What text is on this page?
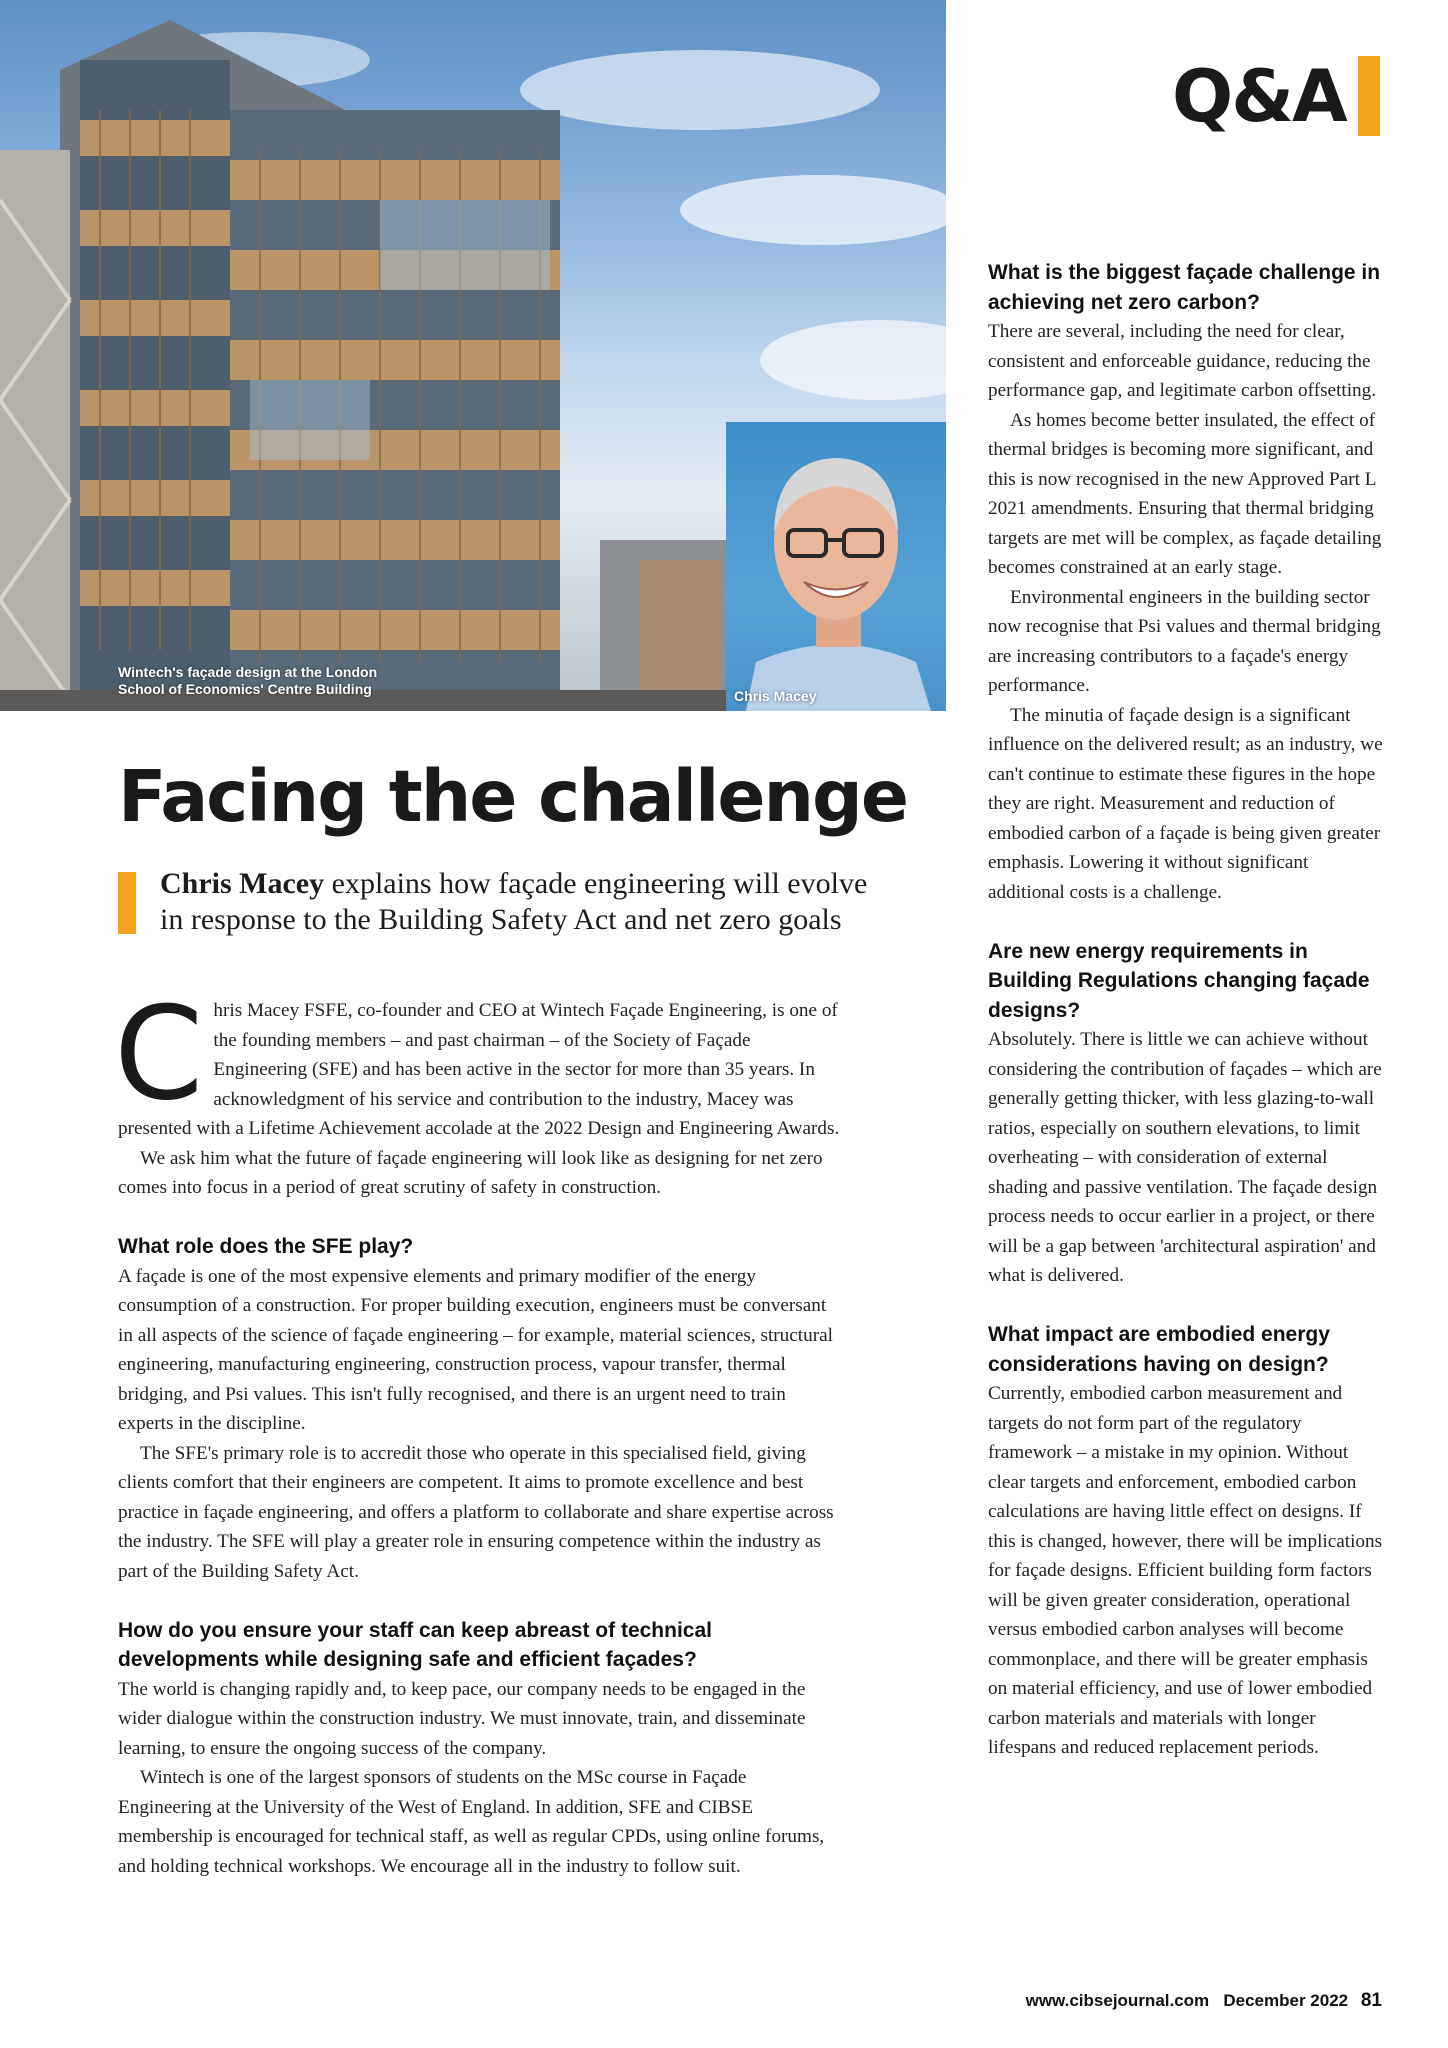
Wintech's façade design at the London
School of Economics' Centre Building	Chris Macey
Q&A
Facing the challenge
Chris Macey explains how façade engineering will evolve in response to the Building Safety Act and net zero goals

Chris Macey FSFE, co-founder and CEO at Wintech Façade Engineering, is one of the founding members – and past chairman – of the Society of Façade Engineering (SFE) and has been active in the sector for more than 35 years. In acknowledgment of his service and contribution to the industry, Macey was presented with a Lifetime Achievement accolade at the 2022 Design and Engineering Awards.

We ask him what the future of façade engineering will look like as designing for net zero comes into focus in a period of great scrutiny of safety in construction.

What role does the SFE play?

A façade is one of the most expensive elements and primary modifier of the energy consumption of a construction. For proper building execution, engineers must be conversant in all aspects of the science of façade engineering – for example, material sciences, structural engineering, manufacturing engineering, construction process, vapour transfer, thermal bridging, and Psi values. This isn't fully recognised, and there is an urgent need to train experts in the discipline.

The SFE's primary role is to accredit those who operate in this specialised field, giving clients comfort that their engineers are competent. It aims to promote excellence and best practice in façade engineering, and offers a platform to collaborate and share expertise across the industry. The SFE will play a greater role in ensuring competence within the industry as part of the Building Safety Act.

How do you ensure your staff can keep abreast of technical developments while designing safe and efficient façades?

The world is changing rapidly and, to keep pace, our company needs to be engaged in the wider dialogue within the construction industry. We must innovate, train, and disseminate learning, to ensure the ongoing success of the company.

Wintech is one of the largest sponsors of students on the MSc course in Façade Engineering at the University of the West of England. In addition, SFE and CIBSE membership is encouraged for technical staff, as well as regular CPDs, using online forums, and holding technical workshops. We encourage all in the industry to follow suit.

What is the biggest façade challenge in achieving net zero carbon?

There are several, including the need for clear, consistent and enforceable guidance, reducing the performance gap, and legitimate carbon offsetting.

As homes become better insulated, the effect of thermal bridges is becoming more significant, and this is now recognised in the new Approved Part L 2021 amendments. Ensuring that thermal bridging targets are met will be complex, as façade detailing becomes constrained at an early stage.

Environmental engineers in the building sector now recognise that Psi values and thermal bridging are increasing contributors to a façade's energy performance.

The minutia of façade design is a significant influence on the delivered result; as an industry, we can't continue to estimate these figures in the hope they are right. Measurement and reduction of embodied carbon of a façade is being given greater emphasis. Lowering it without significant additional costs is a challenge.

Are new energy requirements in Building Regulations changing façade designs?

Absolutely. There is little we can achieve without considering the contribution of façades – which are generally getting thicker, with less glazing-to-wall ratios, especially on southern elevations, to limit overheating – with consideration of external shading and passive ventilation. The façade design process needs to occur earlier in a project, or there will be a gap between 'architectural aspiration' and what is delivered.

What impact are embodied energy considerations having on design?

Currently, embodied carbon measurement and targets do not form part of the regulatory framework – a mistake in my opinion. Without clear targets and enforcement, embodied carbon calculations are having little effect on designs. If this is changed, however, there will be implications for façade designs. Efficient building form factors will be given greater consideration, operational versus embodied carbon analyses will become commonplace, and there will be greater emphasis on material efficiency, and use of lower embodied carbon materials and materials with longer lifespans and reduced replacement periods.

www.cibsejournal.com December 2022 81
